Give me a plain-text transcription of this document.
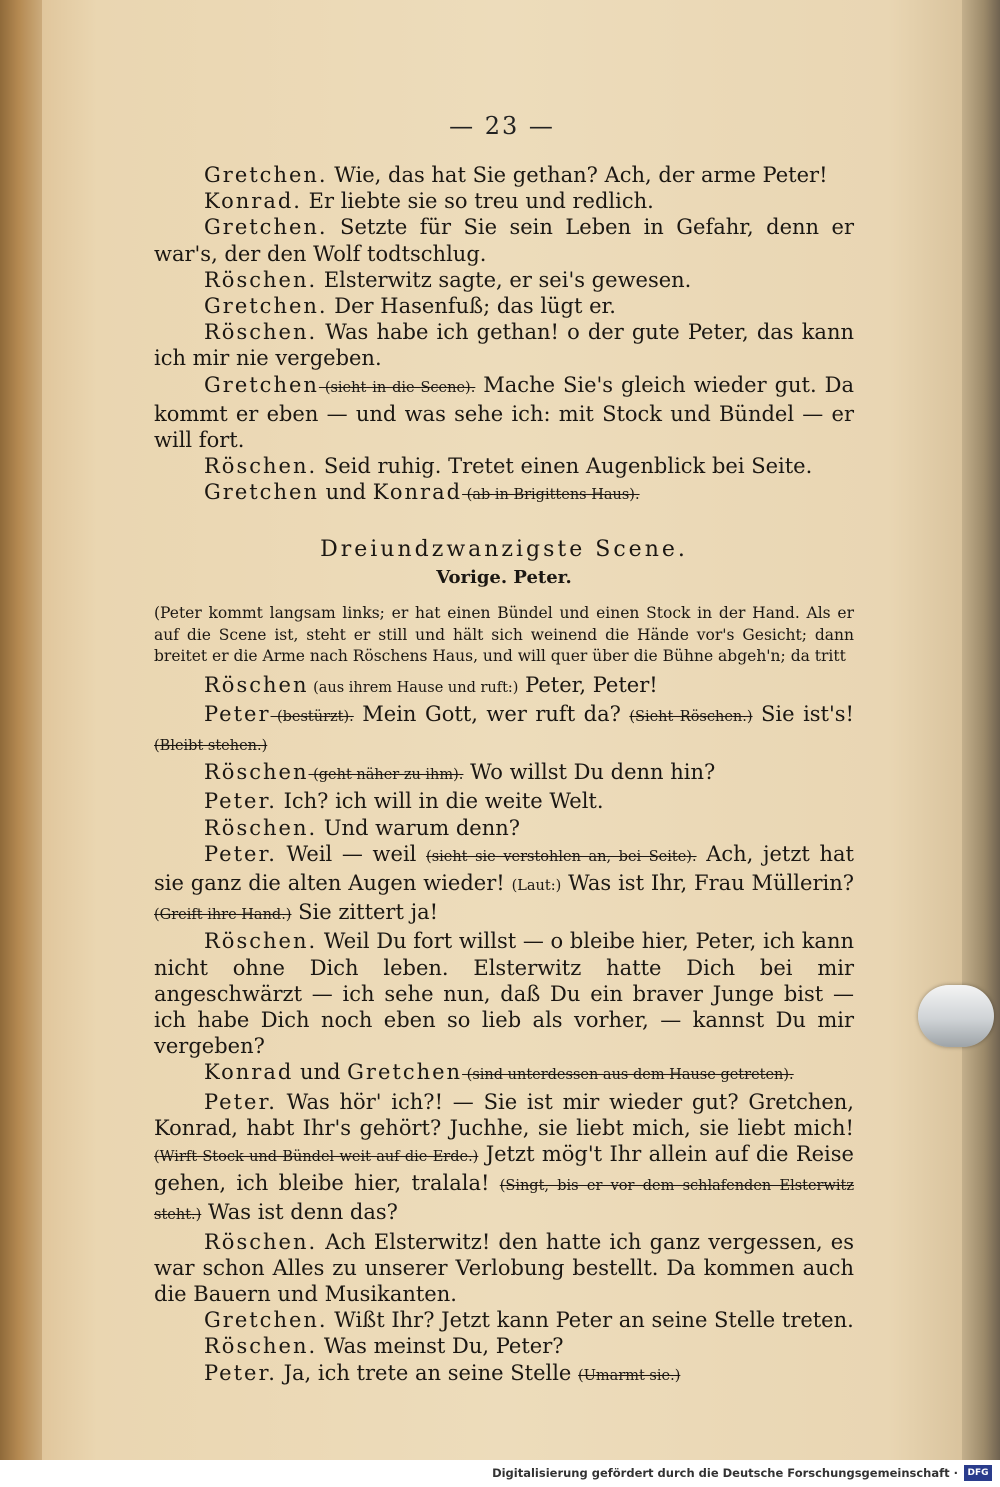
— 23 —

Gretchen. Wie, das hat Sie gethan? Ach, der arme Peter!

Konrad. Er liebte sie so treu und redlich.

Gretchen. Setzte für Sie sein Leben in Gefahr, denn er war's, der den Wolf todtschlug.

Röschen. Elsterwitz sagte, er sei's gewesen.

Gretchen. Der Hasenfuß; das lügt er.

Röschen. Was habe ich gethan! o der gute Peter, das kann ich mir nie vergeben.

Gretchen (sieht in die Scene). Mache Sie's gleich wieder gut. Da kommt er eben — und was sehe ich: mit Stock und Bündel — er will fort.

Röschen. Seid ruhig. Tretet einen Augenblick bei Seite.

Gretchen und Konrad (ab in Brigittens Haus).

Dreiundzwanzigste Scene.
Vorige. Peter.

(Peter kommt langsam links; er hat einen Bündel und einen Stock in der Hand. Als er auf die Scene ist, steht er still und hält sich weinend die Hände vor's Gesicht; dann breitet er die Arme nach Röschens Haus, und will quer über die Bühne abgeh'n; da tritt

Röschen (aus ihrem Hause und ruft:) Peter, Peter!

Peter (bestürzt). Mein Gott, wer ruft da? (Sieht Röschen.) Sie ist's! (Bleibt stehen.)

Röschen (geht näher zu ihm). Wo willst Du denn hin?

Peter. Ich? ich will in die weite Welt.

Röschen. Und warum denn?

Peter. Weil — weil (sieht sie verstohlen an, bei Seite). Ach, jetzt hat sie ganz die alten Augen wieder! (Laut:) Was ist Ihr, Frau Müllerin? (Greift ihre Hand.) Sie zittert ja!

Röschen. Weil Du fort willst — o bleibe hier, Peter, ich kann nicht ohne Dich leben. Elsterwitz hatte Dich bei mir angeschwärzt — ich sehe nun, daß Du ein braver Junge bist — ich habe Dich noch eben so lieb als vorher, — kannst Du mir vergeben?

Konrad und Gretchen (sind unterdessen aus dem Hause getreten).

Peter. Was hör' ich?! — Sie ist mir wieder gut? Gretchen, Konrad, habt Ihr's gehört? Juchhe, sie liebt mich, sie liebt mich! (Wirft Stock und Bündel weit auf die Erde.) Jetzt mög't Ihr allein auf die Reise gehen, ich bleibe hier, tralala! (Singt, bis er vor dem schlafenden Elsterwitz steht.) Was ist denn das?

Röschen. Ach Elsterwitz! den hatte ich ganz vergessen, es war schon Alles zu unserer Verlobung bestellt. Da kommen auch die Bauern und Musikanten.

Gretchen. Wißt Ihr? Jetzt kann Peter an seine Stelle treten.

Röschen. Was meinst Du, Peter?

Peter. Ja, ich trete an seine Stelle (Umarmt sie.)

Digitalisierung gefördert durch die Deutsche Forschungsgemeinschaft ·	DFG
